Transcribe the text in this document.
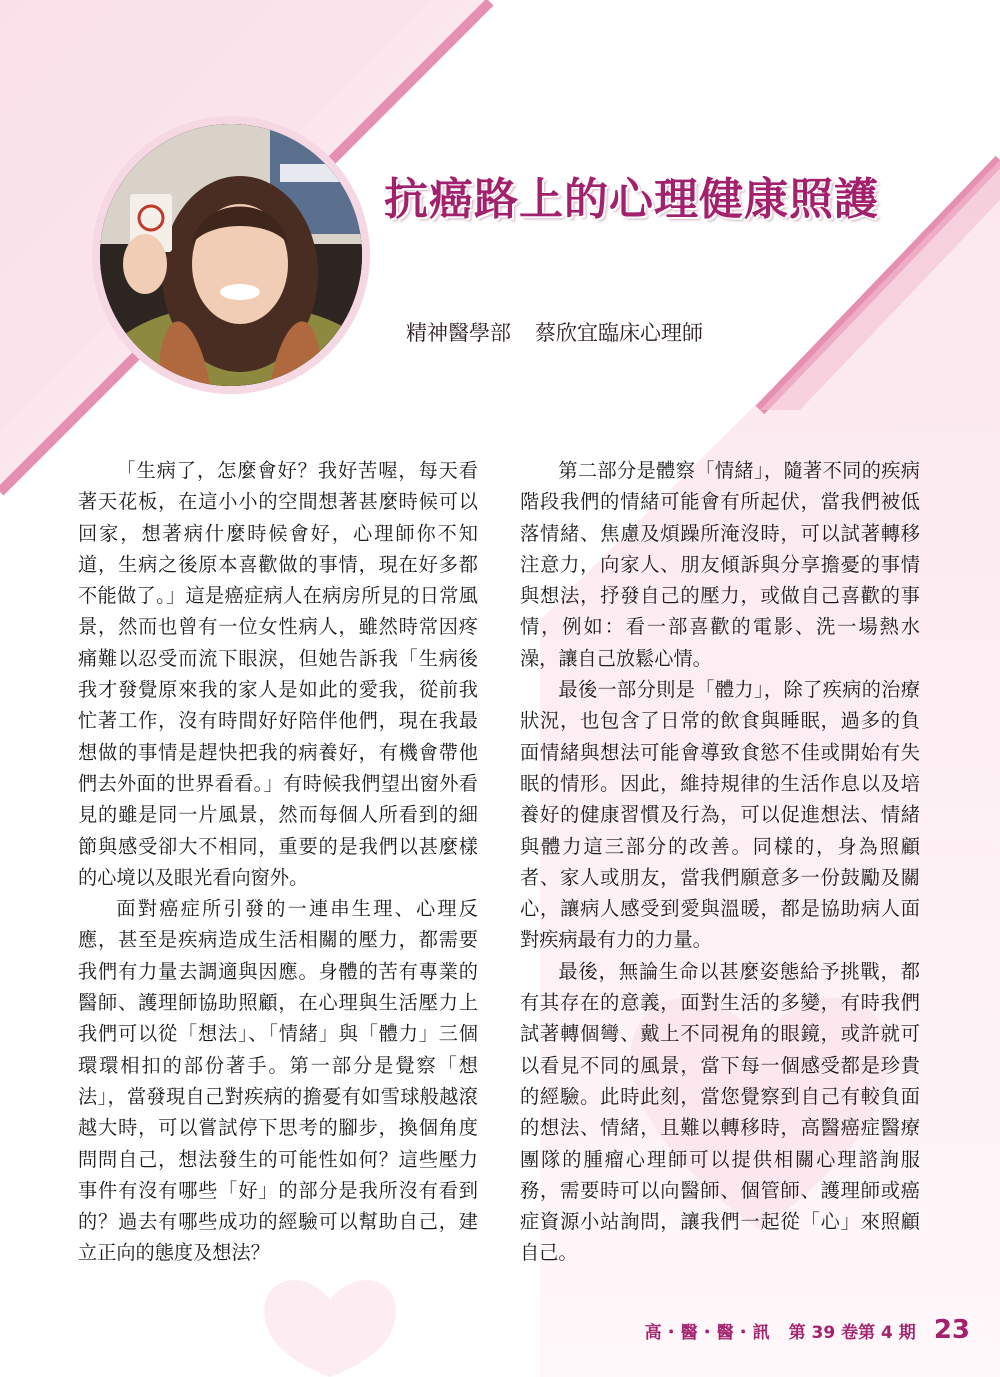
抗癌路上的心理健康照護
精神醫學部 蔡欣宜臨床心理師

「生病了，怎麼會好？我好苦喔，每天看著天花板，在這小小的空間想著甚麼時候可以回家，想著病什麼時候會好，心理師你不知道，生病之後原本喜歡做的事情，現在好多都不能做了。」這是癌症病人在病房所見的日常風景，然而也曾有一位女性病人，雖然時常因疼痛難以忍受而流下眼淚，但她告訴我「生病後我才發覺原來我的家人是如此的愛我，從前我忙著工作，沒有時間好好陪伴他們，現在我最想做的事情是趕快把我的病養好，有機會帶他們去外面的世界看看。」有時候我們望出窗外看見的雖是同一片風景，然而每個人所看到的細節與感受卻大不相同，重要的是我們以甚麼樣的心境以及眼光看向窗外。

面對癌症所引發的一連串生理、心理反應，甚至是疾病造成生活相關的壓力，都需要我們有力量去調適與因應。身體的苦有專業的醫師、護理師協助照顧，在心理與生活壓力上我們可以從「想法」、「情緒」與「體力」三個環環相扣的部份著手。第一部分是覺察「想法」，當發現自己對疾病的擔憂有如雪球般越滾越大時，可以嘗試停下思考的腳步，換個角度問問自己，想法發生的可能性如何？這些壓力事件有沒有哪些「好」的部分是我所沒有看到的？過去有哪些成功的經驗可以幫助自己，建立正向的態度及想法？

第二部分是體察「情緒」，隨著不同的疾病階段我們的情緒可能會有所起伏，當我們被低落情緒、焦慮及煩躁所淹沒時，可以試著轉移注意力，向家人、朋友傾訴與分享擔憂的事情與想法，抒發自己的壓力，或做自己喜歡的事情，例如：看一部喜歡的電影、洗一場熱水澡，讓自己放鬆心情。

最後一部分則是「體力」，除了疾病的治療狀況，也包含了日常的飲食與睡眠，過多的負面情緒與想法可能會導致食慾不佳或開始有失眠的情形。因此，維持規律的生活作息以及培養好的健康習慣及行為，可以促進想法、情緒與體力這三部分的改善。同樣的，身為照顧者、家人或朋友，當我們願意多一份鼓勵及關心，讓病人感受到愛與溫暖，都是協助病人面對疾病最有力的力量。

最後，無論生命以甚麼姿態給予挑戰，都有其存在的意義，面對生活的多變，有時我們試著轉個彎、戴上不同視角的眼鏡，或許就可以看見不同的風景，當下每一個感受都是珍貴的經驗。此時此刻，當您覺察到自己有較負面的想法、情緒，且難以轉移時，高醫癌症醫療團隊的腫瘤心理師可以提供相關心理諮詢服務，需要時可以向醫師、個管師、護理師或癌症資源小站詢問，讓我們一起從「心」來照顧自己。

高・醫・醫・訊 第 39 卷第 4 期 23
